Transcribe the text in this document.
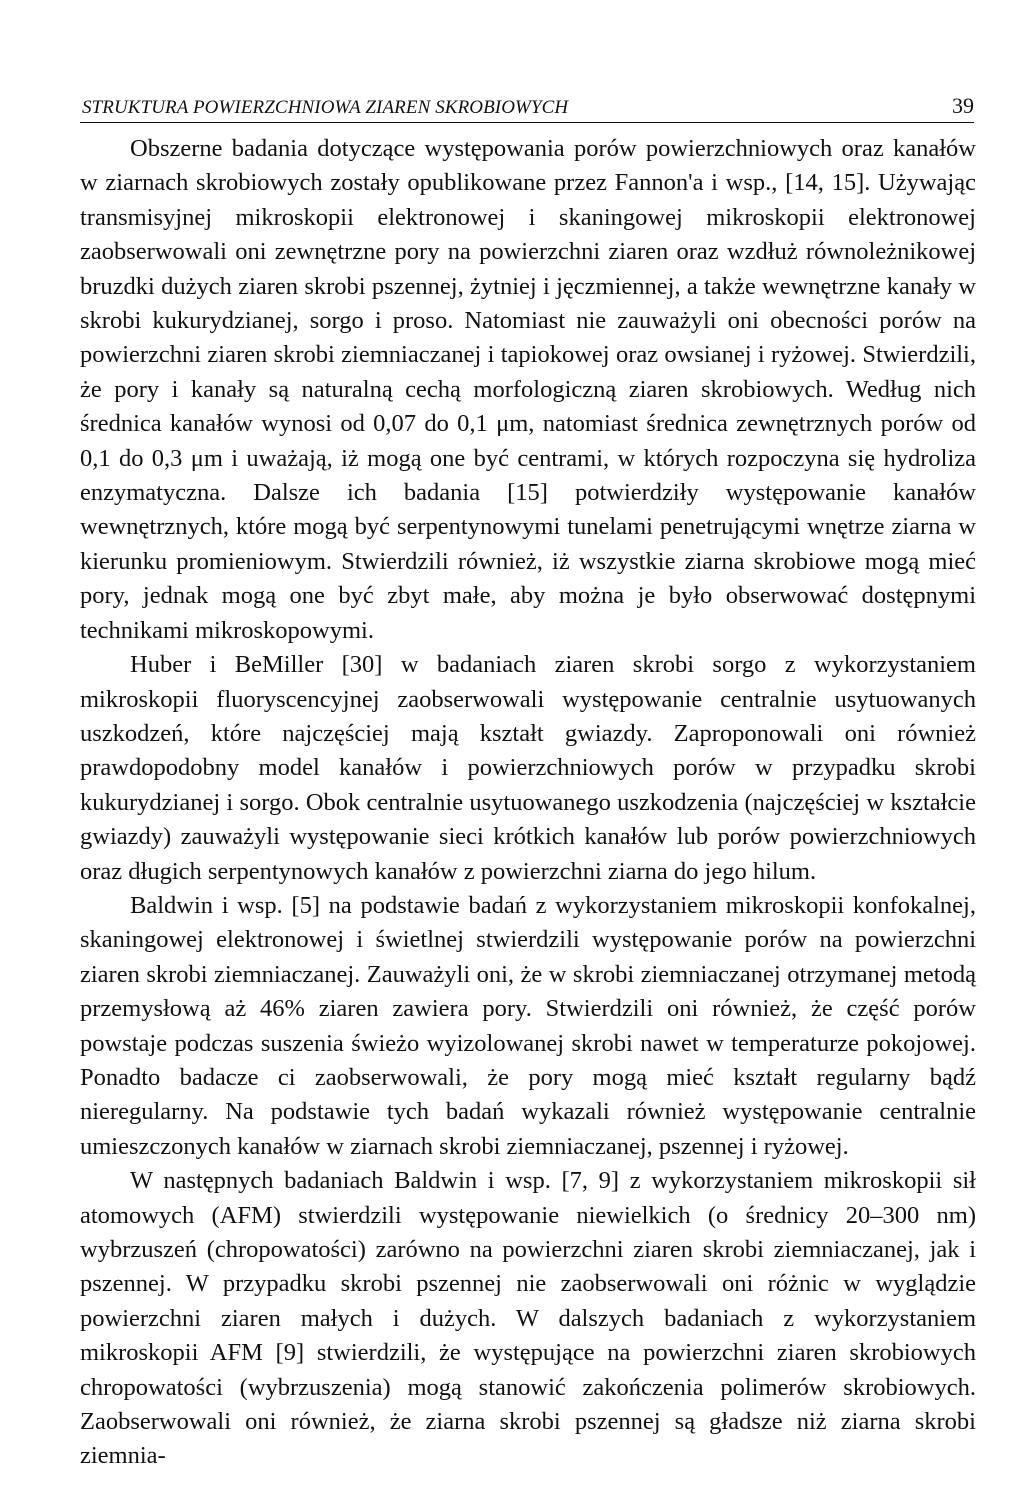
STRUKTURA POWIERZCHNIOWA ZIAREN SKROBIOWYCH	39

Obszerne badania dotyczące występowania porów powierzchniowych oraz kanałów w ziarnach skrobiowych zostały opublikowane przez Fannon'a i wsp., [14, 15]. Używając transmisyjnej mikroskopii elektronowej i skaningowej mikroskopii elektronowej zaobserwowali oni zewnętrzne pory na powierzchni ziaren oraz wzdłuż równoleżnikowej bruzdki dużych ziaren skrobi pszennej, żytniej i jęczmiennej, a także wewnętrzne kanały w skrobi kukurydzianej, sorgo i proso. Natomiast nie zauważyli oni obecności porów na powierzchni ziaren skrobi ziemniaczanej i tapiokowej oraz owsianej i ryżowej. Stwierdzili, że pory i kanały są naturalną cechą morfologiczną ziaren skrobiowych. Według nich średnica kanałów wynosi od 0,07 do 0,1 μm, natomiast średnica zewnętrznych porów od 0,1 do 0,3 μm i uważają, iż mogą one być centrami, w których rozpoczyna się hydroliza enzymatyczna. Dalsze ich badania [15] potwierdziły występowanie kanałów wewnętrznych, które mogą być serpentynowymi tunelami penetrującymi wnętrze ziarna w kierunku promieniowym. Stwierdzili również, iż wszystkie ziarna skrobiowe mogą mieć pory, jednak mogą one być zbyt małe, aby można je było obserwować dostępnymi technikami mikroskopowymi.

Huber i BeMiller [30] w badaniach ziaren skrobi sorgo z wykorzystaniem mikroskopii fluoryscencyjnej zaobserwowali występowanie centralnie usytuowanych uszkodzeń, które najczęściej mają kształt gwiazdy. Zaproponowali oni również prawdopodobny model kanałów i powierzchniowych porów w przypadku skrobi kukurydzianej i sorgo. Obok centralnie usytuowanego uszkodzenia (najczęściej w kształcie gwiazdy) zauważyli występowanie sieci krótkich kanałów lub porów powierzchniowych oraz długich serpentynowych kanałów z powierzchni ziarna do jego hilum.

Baldwin i wsp. [5] na podstawie badań z wykorzystaniem mikroskopii konfokalnej, skaningowej elektronowej i świetlnej stwierdzili występowanie porów na powierzchni ziaren skrobi ziemniaczanej. Zauważyli oni, że w skrobi ziemniaczanej otrzymanej metodą przemysłową aż 46% ziaren zawiera pory. Stwierdzili oni również, że część porów powstaje podczas suszenia świeżo wyizolowanej skrobi nawet w temperaturze pokojowej. Ponadto badacze ci zaobserwowali, że pory mogą mieć kształt regularny bądź nieregularny. Na podstawie tych badań wykazali również występowanie centralnie umieszczonych kanałów w ziarnach skrobi ziemniaczanej, pszennej i ryżowej.

W następnych badaniach Baldwin i wsp. [7, 9] z wykorzystaniem mikroskopii sił atomowych (AFM) stwierdzili występowanie niewielkich (o średnicy 20–300 nm) wybrzuszeń (chropowatości) zarówno na powierzchni ziaren skrobi ziemniaczanej, jak i pszennej. W przypadku skrobi pszennej nie zaobserwowali oni różnic w wyglądzie powierzchni ziaren małych i dużych. W dalszych badaniach z wykorzystaniem mikroskopii AFM [9] stwierdzili, że występujące na powierzchni ziaren skrobiowych chropowatości (wybrzuszenia) mogą stanowić zakończenia polimerów skrobiowych. Zaobserwowali oni również, że ziarna skrobi pszennej są gładsze niż ziarna skrobi ziemnia-
